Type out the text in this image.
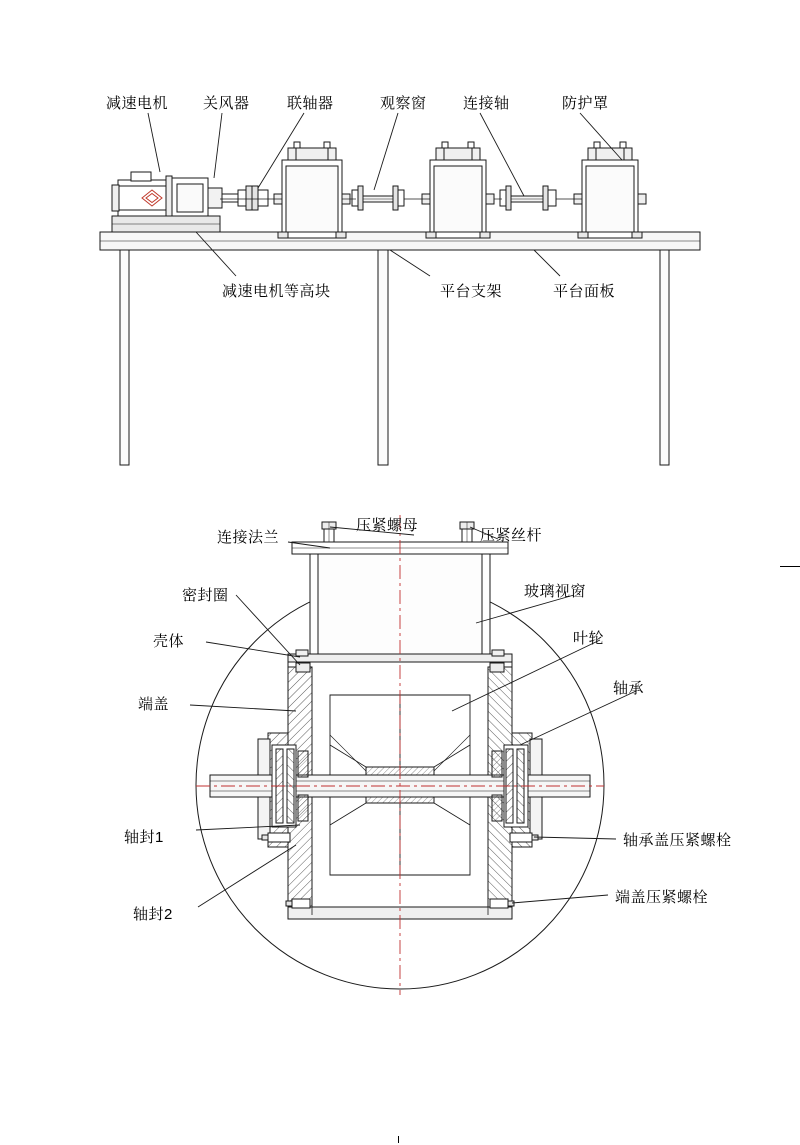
减速电机 关风器 联轴器	观察窗 连接轴	防护罩
减速电机等高块	平台支架	平台面板
连接法兰
压紧螺母
压紧丝杆
密封圈	玻璃视窗
壳体	叶轮
端盖
轴承
轴封1	轴承盖压紧螺栓
轴封2
端盖压紧螺栓
